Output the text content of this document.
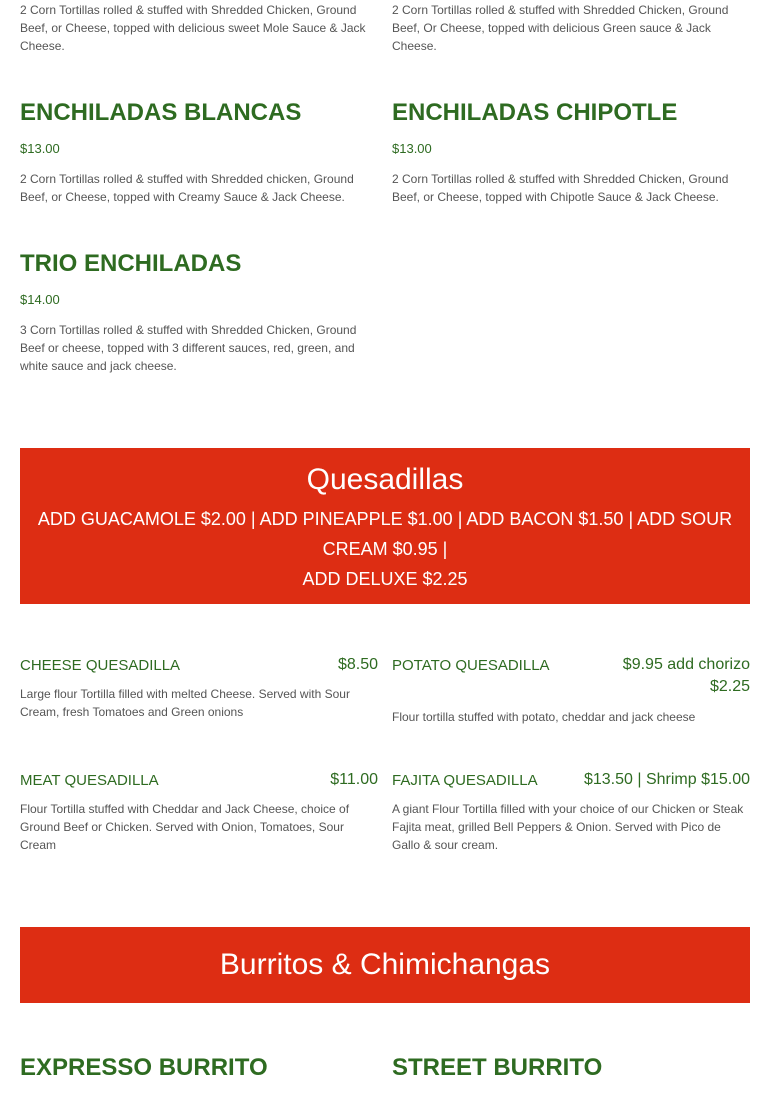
2 Corn Tortillas rolled & stuffed with Shredded Chicken, Ground Beef, or Cheese, topped with delicious sweet Mole Sauce & Jack Cheese.

2 Corn Tortillas rolled & stuffed with Shredded Chicken, Ground Beef, Or Cheese, topped with delicious Green sauce & Jack Cheese.

ENCHILADAS BLANCAS

$13.00

2 Corn Tortillas rolled & stuffed with Shredded chicken, Ground Beef, or Cheese, topped with Creamy Sauce & Jack Cheese.

ENCHILADAS CHIPOTLE

$13.00

2 Corn Tortillas rolled & stuffed with Shredded Chicken, Ground Beef, or Cheese, topped with Chipotle Sauce & Jack Cheese.

TRIO ENCHILADAS

$14.00

3 Corn Tortillas rolled & stuffed with Shredded Chicken, Ground Beef or cheese, topped with 3 different sauces, red, green, and white sauce and jack cheese.

Quesadillas

ADD GUACAMOLE $2.00 | ADD PINEAPPLE $1.00 | ADD BACON $1.50 | ADD SOUR CREAM $0.95 |

ADD DELUXE $2.25

CHEESE QUESADILLA	$8.50

Large flour Tortilla filled with melted Cheese. Served with Sour Cream, fresh Tomatoes and Green onions

POTATO QUESADILLA	$9.95 add chorizo

$2.25

Flour tortilla stuffed with potato, cheddar and jack cheese

MEAT QUESADILLA	$11.00

Flour Tortilla stuffed with Cheddar and Jack Cheese, choice of Ground Beef or Chicken. Served with Onion, Tomatoes, Sour Cream

FAJITA QUESADILLA	$13.50 | Shrimp $15.00

A giant Flour Tortilla filled with your choice of our Chicken or Steak Fajita meat, grilled Bell Peppers & Onion. Served with Pico de Gallo & sour cream.

Burritos & Chimichangas
EXPRESSO BURRITO	STREET BURRITO
